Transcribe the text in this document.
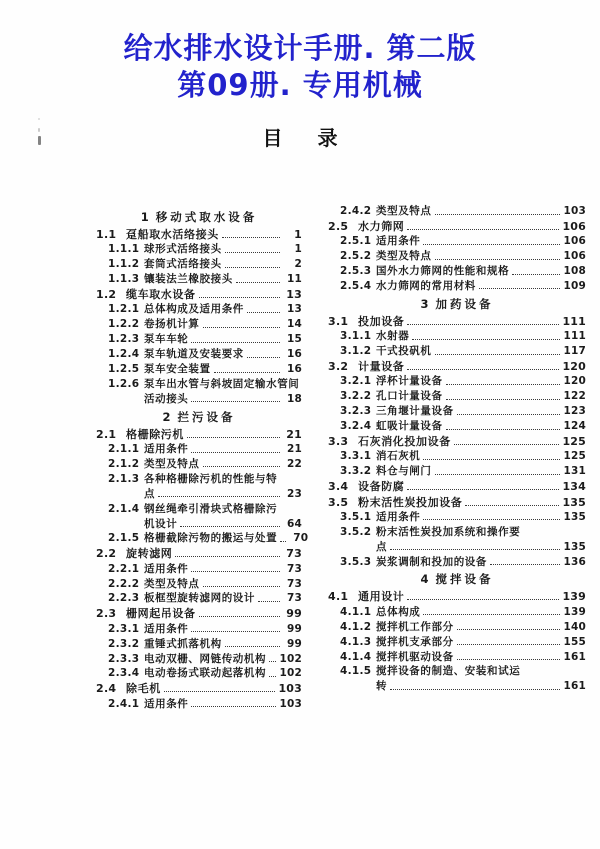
给水排水设计手册. 第二版
第09册. 专用机械
目 录
1 移动式取水设备
1.1 趸船取水活络接头	1
1.1.1 球形式活络接头	1
1.1.2 套筒式活络接头	2
1.1.3 镶装法兰橡胶接头	11
1.2 缆车取水设备	13
1.2.1 总体构成及适用条件	13
1.2.2 卷扬机计算	14
1.2.3 泵车车轮	15
1.2.4 泵车轨道及安装要求	16
1.2.5 泵车安全装置	16
1.2.6 泵车出水管与斜坡固定输水管间
活动接头	18
2 拦污设备
2.1 格栅除污机	21
2.1.1 适用条件	21
2.1.2 类型及特点	22
2.1.3 各种格栅除污机的性能与特
点	23
2.1.4 钢丝绳牵引滑块式格栅除污
机设计	64
2.1.5 格栅截除污物的搬运与处置	70
2.2 旋转滤网	73
2.2.1 适用条件	73
2.2.2 类型及特点	73
2.2.3 板框型旋转滤网的设计	73
2.3 栅网起吊设备	99
2.3.1 适用条件	99
2.3.2 重锤式抓落机构	99
2.3.3 电动双栅、网链传动机构 102
2.3.4 电动卷扬式联动起落机构 102
2.4 除毛机	103
2.4.1 适用条件	103
2.4.2 类型及特点	103
2.5 水力筛网	106
2.5.1 适用条件	106
2.5.2 类型及特点	106
2.5.3 国外水力筛网的性能和规格	108
2.5.4 水力筛网的常用材料	109
3 加药设备
3.1 投加设备	111
3.1.1 水射器	111
3.1.2 干式投矾机	117
3.2 计量设备	120
3.2.1 浮杯计量设备	120
3.2.2 孔口计量设备	122
3.2.3 三角堰计量设备	123
3.2.4 虹吸计量设备	124
3.3 石灰消化投加设备	125
3.3.1 消石灰机	125
3.3.2 料仓与闸门	131
3.4 设备防腐	134
3.5 粉末活性炭投加设备	135
3.5.1 适用条件	135
3.5.2 粉末活性炭投加系统和操作要
点	135
3.5.3 炭浆调制和投加的设备	136
4 搅拌设备
4.1 通用设计	139
4.1.1 总体构成	139
4.1.2 搅拌机工作部分	140
4.1.3 搅拌机支承部分	155
4.1.4 搅拌机驱动设备	161
4.1.5 搅拌设备的制造、安装和试运
转	161
